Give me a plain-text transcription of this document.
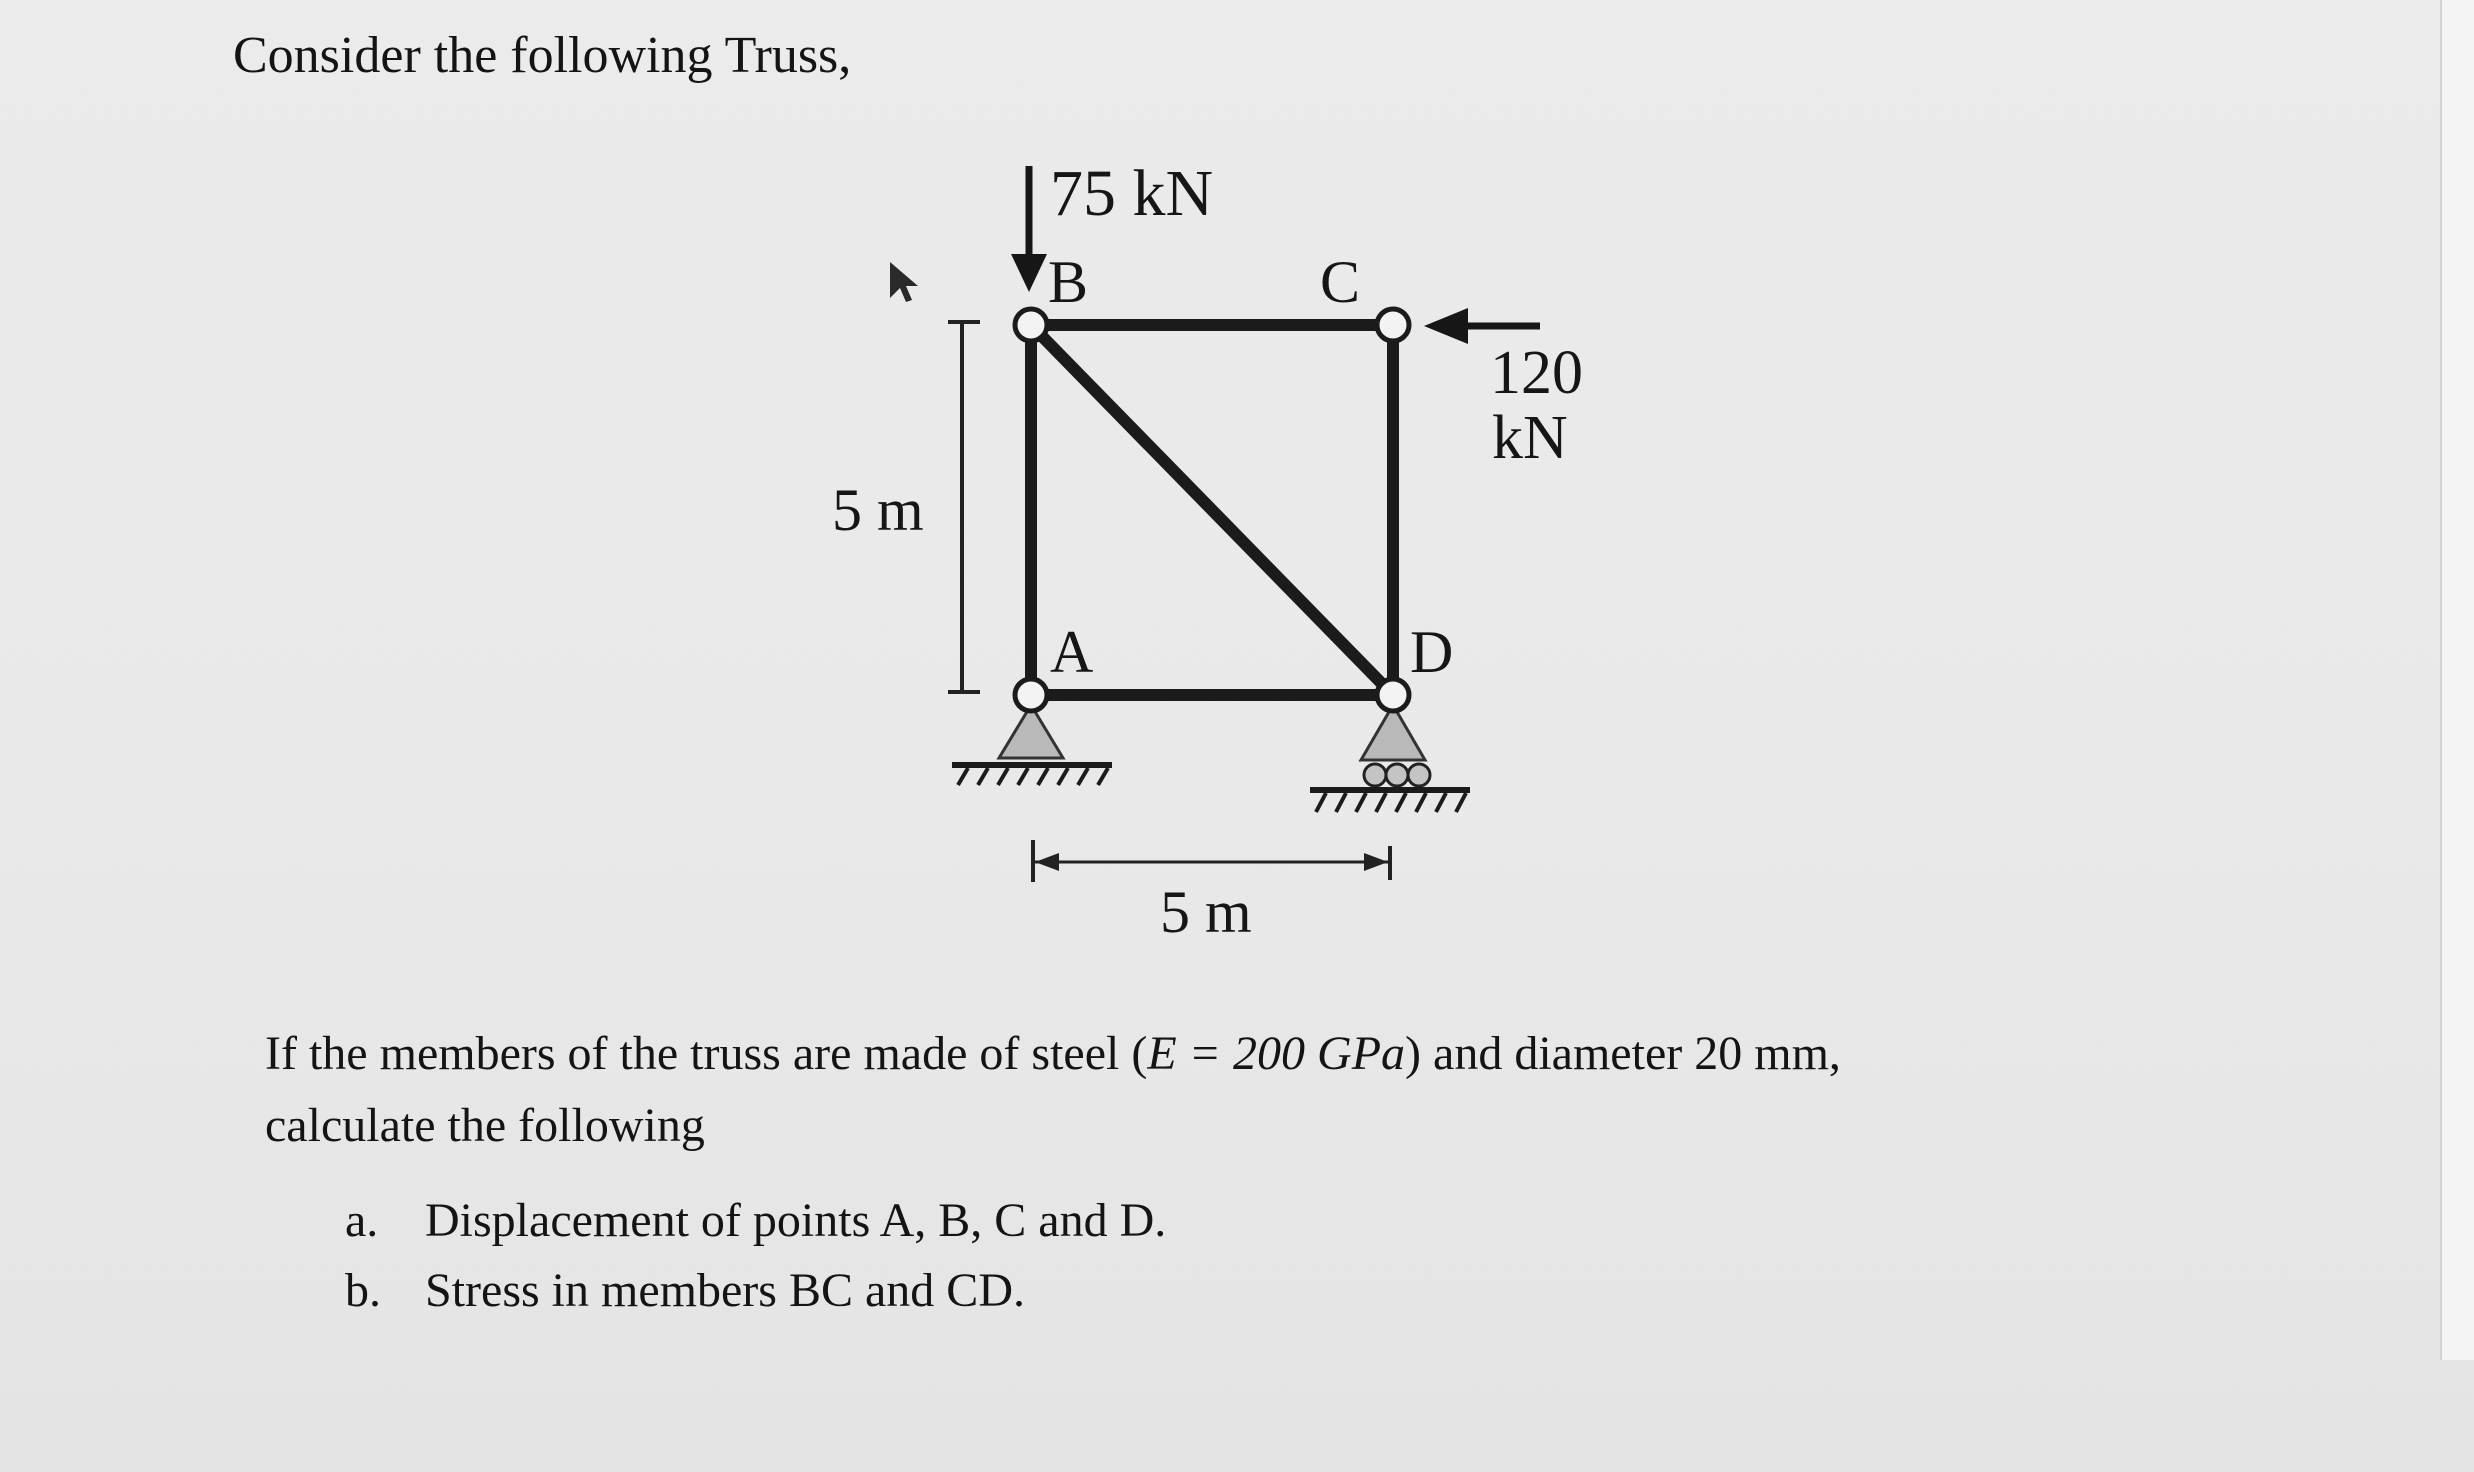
Consider the following Truss,
75 kN
B	C
A	D
120
kN
5 m
5 m
If the members of the truss are made of steel (E = 200 GPa) and diameter 20 mm,
calculate the following
a. Displacement of points A, B, C and D.
b. Stress in members BC and CD.
